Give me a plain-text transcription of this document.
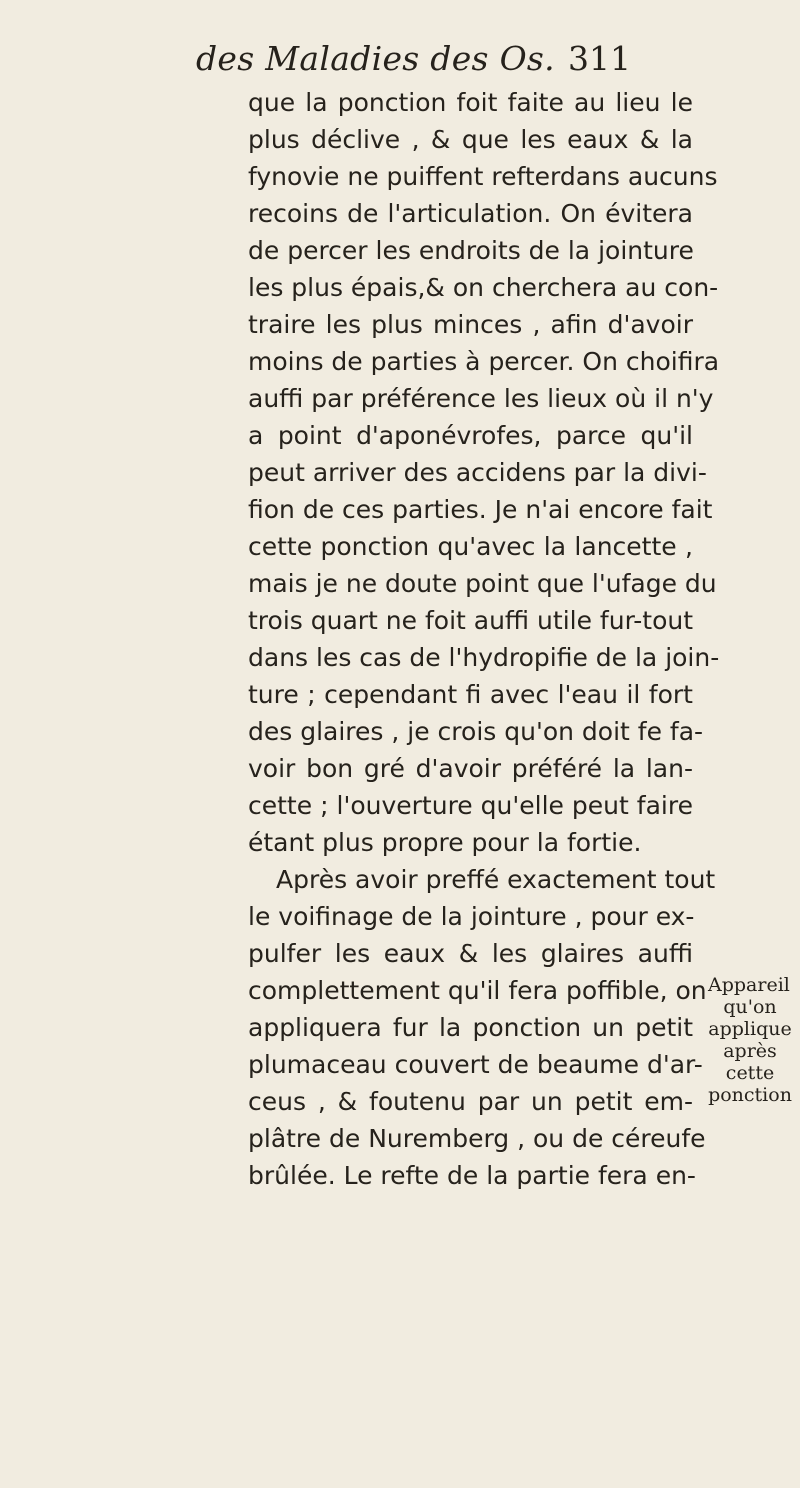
des Maladies des Os. 311
que la ponction foit faite au lieu le
plus déclive , & que les eaux & la
fynovie ne puiffent refterdans aucuns
recoins de l'articulation. On évitera
de percer les endroits de la jointure
les plus épais,& on cherchera au con-
traire les plus minces , afin d'avoir
moins de parties à percer. On choifira
auffi par préférence les lieux où il n'y
a point d'aponévrofes, parce qu'il
peut arriver des accidens par la divi-
fion de ces parties. Je n'ai encore fait
cette ponction qu'avec la lancette ,
mais je ne doute point que l'ufage du
trois quart ne foit auffi utile fur-tout
dans les cas de l'hydropifie de la join-
ture ; cependant fi avec l'eau il fort
des glaires , je crois qu'on doit fe fa-
voir bon gré d'avoir préféré la lan-
cette ; l'ouverture qu'elle peut faire
étant plus propre pour la fortie.
Après avoir preffé exactement tout
le voifinage de la jointure , pour ex-
pulfer les eaux & les glaires auffi
complettement qu'il fera poffible, on
appliquera fur la ponction un petit
plumaceau couvert de beaume d'ar-
ceus , & foutenu par un petit em-
plâtre de Nuremberg , ou de céreufe
brûlée. Le refte de la partie fera en-
Appareil
qu'on
applique
après
cette
ponction
